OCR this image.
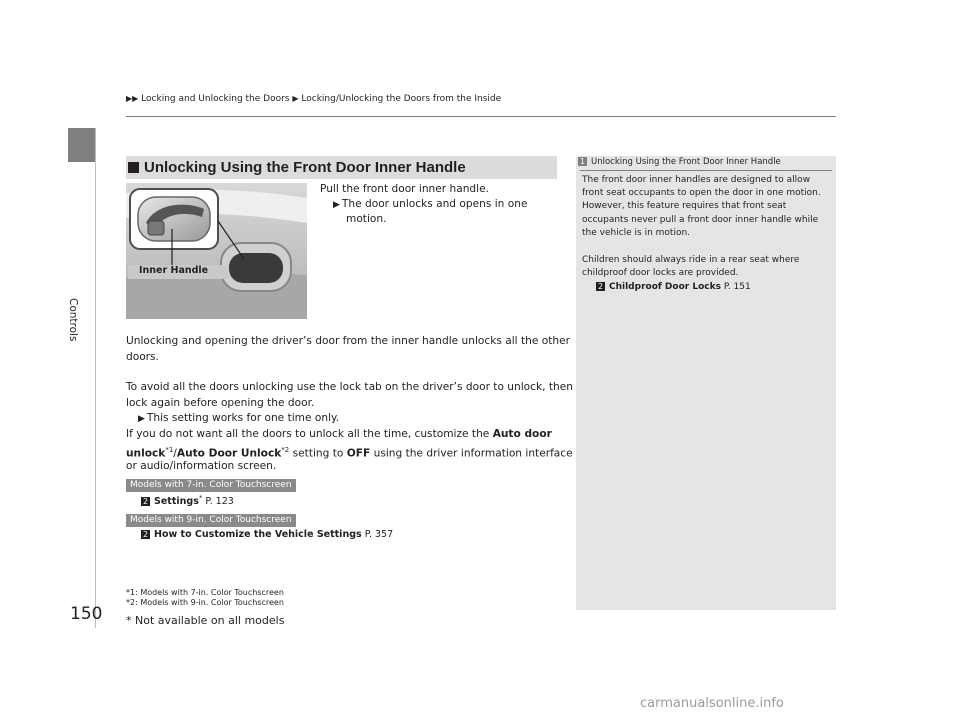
Controls
150
▶▶ Locking and Unlocking the Doors ▶ Locking/Unlocking the Doors from the Inside
Unlocking Using the Front Door Inner Handle
Inner Handle
Pull the front door inner handle.
▶ The door unlocks and opens in one
motion.
Unlocking and opening the driver’s door from the inner handle unlocks all the other
doors.
To avoid all the doors unlocking use the lock tab on the driver’s door to unlock, then
lock again before opening the door.
▶ This setting works for one time only.
If you do not want all the doors to unlock all the time, customize the Auto door
unlock$^{*1}$/Auto Door Unlock$^{*2}$ setting to OFF using the driver information interface
or audio/information screen.
Models with 7-in. Color Touchscreen
2 Settings* P. 123
Models with 9-in. Color Touchscreen
2 How to Customize the Vehicle Settings P. 357
*1: Models with 7-in. Color Touchscreen
*2: Models with 9-in. Color Touchscreen
1 Unlocking Using the Front Door Inner Handle
The front door inner handles are designed to allow
front seat occupants to open the door in one motion.
However, this feature requires that front seat
occupants never pull a front door inner handle while
the vehicle is in motion.
Children should always ride in a rear seat where
childproof door locks are provided.
2 Childproof Door Locks P. 151
* Not available on all models
carmanualsonline.info
